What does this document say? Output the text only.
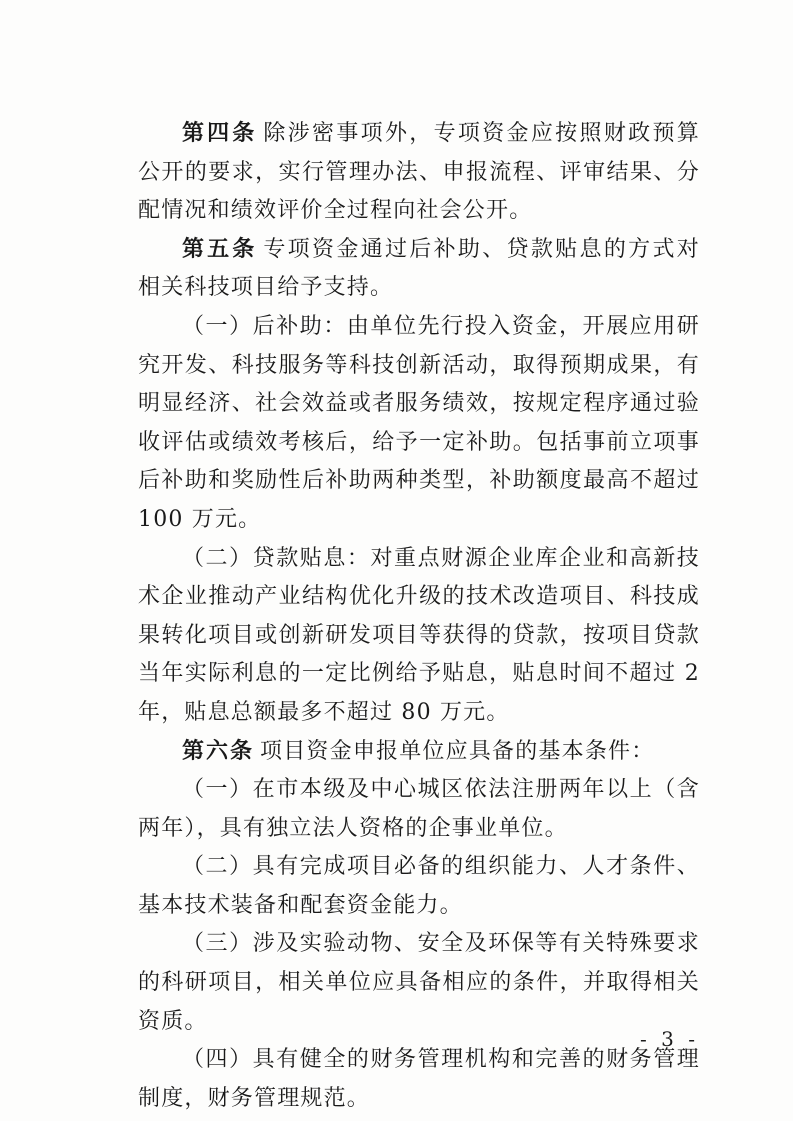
第四条 除涉密事项外，专项资金应按照财政预算公开的要求，实行管理办法、申报流程、评审结果、分配情况和绩效评价全过程向社会公开。

第五条 专项资金通过后补助、贷款贴息的方式对相关科技项目给予支持。

（一）后补助：由单位先行投入资金，开展应用研究开发、科技服务等科技创新活动，取得预期成果，有明显经济、社会效益或者服务绩效，按规定程序通过验收评估或绩效考核后，给予一定补助。包括事前立项事后补助和奖励性后补助两种类型，补助额度最高不超过 100 万元。

（二）贷款贴息：对重点财源企业库企业和高新技术企业推动产业结构优化升级的技术改造项目、科技成果转化项目或创新研发项目等获得的贷款，按项目贷款当年实际利息的一定比例给予贴息，贴息时间不超过 2 年，贴息总额最多不超过 80 万元。

第六条 项目资金申报单位应具备的基本条件：

（一）在市本级及中心城区依法注册两年以上（含两年），具有独立法人资格的企事业单位。

（二）具有完成项目必备的组织能力、人才条件、基本技术装备和配套资金能力。

（三）涉及实验动物、安全及环保等有关特殊要求的科研项目，相关单位应具备相应的条件，并取得相关资质。

（四）具有健全的财务管理机构和完善的财务管理制度，财务管理规范。

- 3 -
